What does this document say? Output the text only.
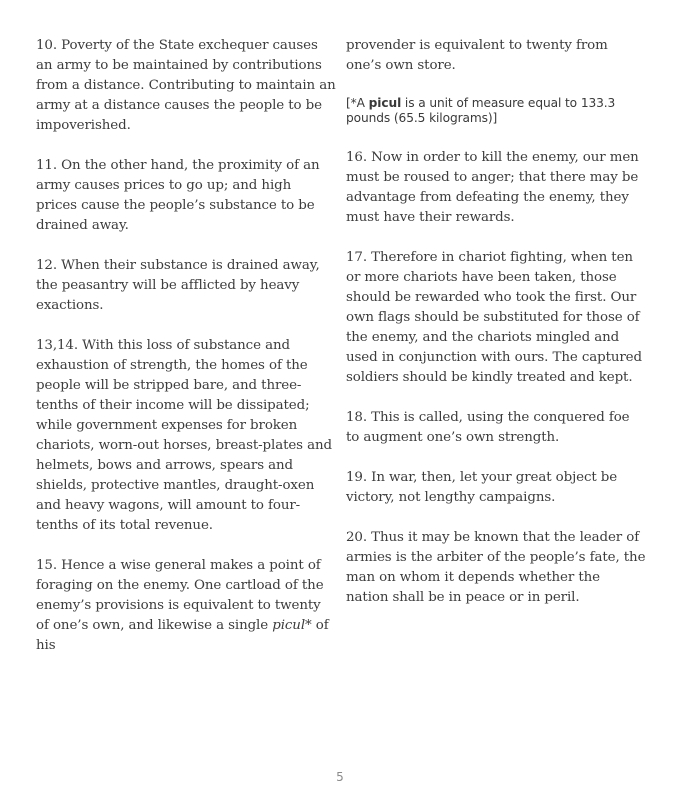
10. Poverty of the State exchequer causes an army to be maintained by contributions from a distance. Contributing to maintain an army at a distance causes the people to be impoverished.

11. On the other hand, the proximity of an army causes prices to go up; and high prices cause the people’s substance to be drained away.

12. When their substance is drained away, the peasantry will be afflicted by heavy exactions.

13,14. With this loss of substance and exhaustion of strength, the homes of the people will be stripped bare, and three-tenths of their income will be dissipated; while government expenses for broken chariots, worn-out horses, breast-plates and helmets, bows and arrows, spears and shields, protective mantles, draught-oxen and heavy wagons, will amount to four-tenths of its total revenue.

15. Hence a wise general makes a point of foraging on the enemy. One cartload of the enemy’s provisions is equivalent to twenty of one’s own, and likewise a single picul* of his

provender is equivalent to twenty from one’s own store.

[*A picul is a unit of measure equal to 133.3 pounds (65.5 kilograms)]

16. Now in order to kill the enemy, our men must be roused to anger; that there may be advantage from defeating the enemy, they must have their rewards.

17. Therefore in chariot fighting, when ten or more chariots have been taken, those should be rewarded who took the first. Our own flags should be substituted for those of the enemy, and the chariots mingled and used in conjunction with ours. The captured soldiers should be kindly treated and kept.

18. This is called, using the conquered foe to augment one’s own strength.

19. In war, then, let your great object be victory, not lengthy campaigns.

20. Thus it may be known that the leader of armies is the arbiter of the people’s fate, the man on whom it depends whether the nation shall be in peace or in peril.

5
